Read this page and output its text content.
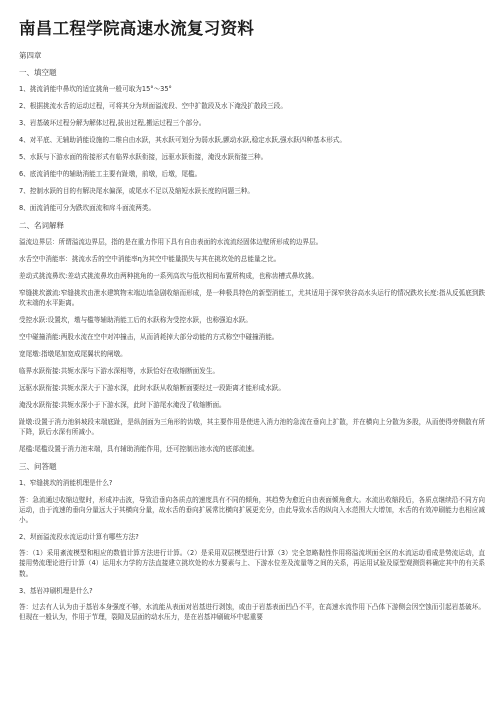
南昌工程学院高速水流复习资料
第四章
一、填空题
1、挑流消能中鼻坎的适宜挑角一般可取为15°～35°
2、根据挑流水舌的运动过程，可将其分为坝面溢流段、空中扩散段及水下淹没扩散段三段。
3、岩基破坏过程分解为解体过程,拔出过程,搬运过程三个部分。
4、对平底、无辅助消能设施的二维自由水跃，其水跃可划分为弱水跃,颤动水跃,稳定水跃,强水跃四种基本形式。
5、水跃与下游水面的衔接形式有临界水跃衔接，远驱水跃衔接，淹没水跃衔接三种。
6、底流消能中的辅助消能工主要有趾墩，前墩，后墩，尾槛。
7、控制水跃的目的有解决尾水偏深，或尾水不足以及缩短水跃长度的问题三种。
8、面流消能可分为跌坎面流和戽斗面流两类。
二、名词解释
溢流边界层：所谓溢流边界层，指的是在重力作用下具有自由表面的水流流经固体边壁所形成的边界层。
水舌空中消能率：挑流水舌的空中消能率η为其空中能量损失与其在挑坎处的总能量之比。
差动式挑流鼻坎:差动式挑流鼻坎由两种挑角的一系列高坎与低坎相间布置所构成，也称齿槽式鼻坎挑。
窄缝挑坎激流:窄缝挑坎由泄水建筑物末端边墙急剧收缩而形成，是一种极具特色的新型消能工，尤其适用于深窄狭谷高水头运行的情况跌坎长度:指从反弧底到跌坎末端的水平距离。
受控水跃:设置坎，墩与槛等辅助消能工后的水跃称为受控水跃，也称强迫水跃。
空中碰撞消能:两股水流在空中对冲撞击，从而消耗掉大部分动能的方式称空中碰撞消能。
宽尾墩:指墩尾加宽成尾翼状的闸墩。
临界水跃衔接:共轭水深与下游水深相等，水跃恰好在收缩断面发生。
远驱水跃衔接:共轭水深大于下游水深，此时水跃从收缩断面要经过一段距离才能形成水跃。
淹没水跃衔接:共轭水深小于下游水深，此时下游尾水淹没了收缩断面。
趾墩:设置于消力池斜坡段末端底趾，是纵剖面为三角形的齿墩，其主要作用是使进入消力池的急流在垂向上扩散，并在横向上分散为多股，从而使得旁侧散有所下降，跃后水深有所减小。
尾槛:尾槛设置于消力池末端，具有辅助消能作用，还可控制出池水流的底部流速。
三、问答题
1、窄缝挑坎的消能机理是什么?
答：急流通过收缩边壁时，形成冲击波，导致沿垂向各质点的速度具有不同的倾角，其趋势为愈近自由表面倾角愈大。水流出收缩段后，各质点继续沿不同方向运动，由于流速的垂向分量远大于其横向分量，故水舌的垂向扩展常比横向扩展更充分，由此导致水舌的纵向入水范围大大增加，水舌的有效冲刷能力也相应减小。
2、坝面溢流段水流运动计算有哪些方法?
答：（1）采用紊流模型和相应的数值计算方法进行计算。（2）是采用双层模型进行计算（3）完全忽略黏性作用将溢流坝面全区的水流运动看成是势流运动，直接用势流理论进行计算（4）运用水力学的方法直接建立挑坎处的水力要素与上、下游水位差及流量等之间的关系，再运用试验及原型观测资料确定其中的有关系数。
3、基岩冲刷机理是什么?
答：过去有人认为由于基岩本身强度不够，水流能从表面对岩基进行剥蚀，或由于岩基表面凹凸不平，在高速水流作用下凸体下游侧会因空蚀而引起岩基破坏。但现在一般认为，作用于节理，裂隙及层面的动水压力，是在岩基冲刷破坏中起重要
